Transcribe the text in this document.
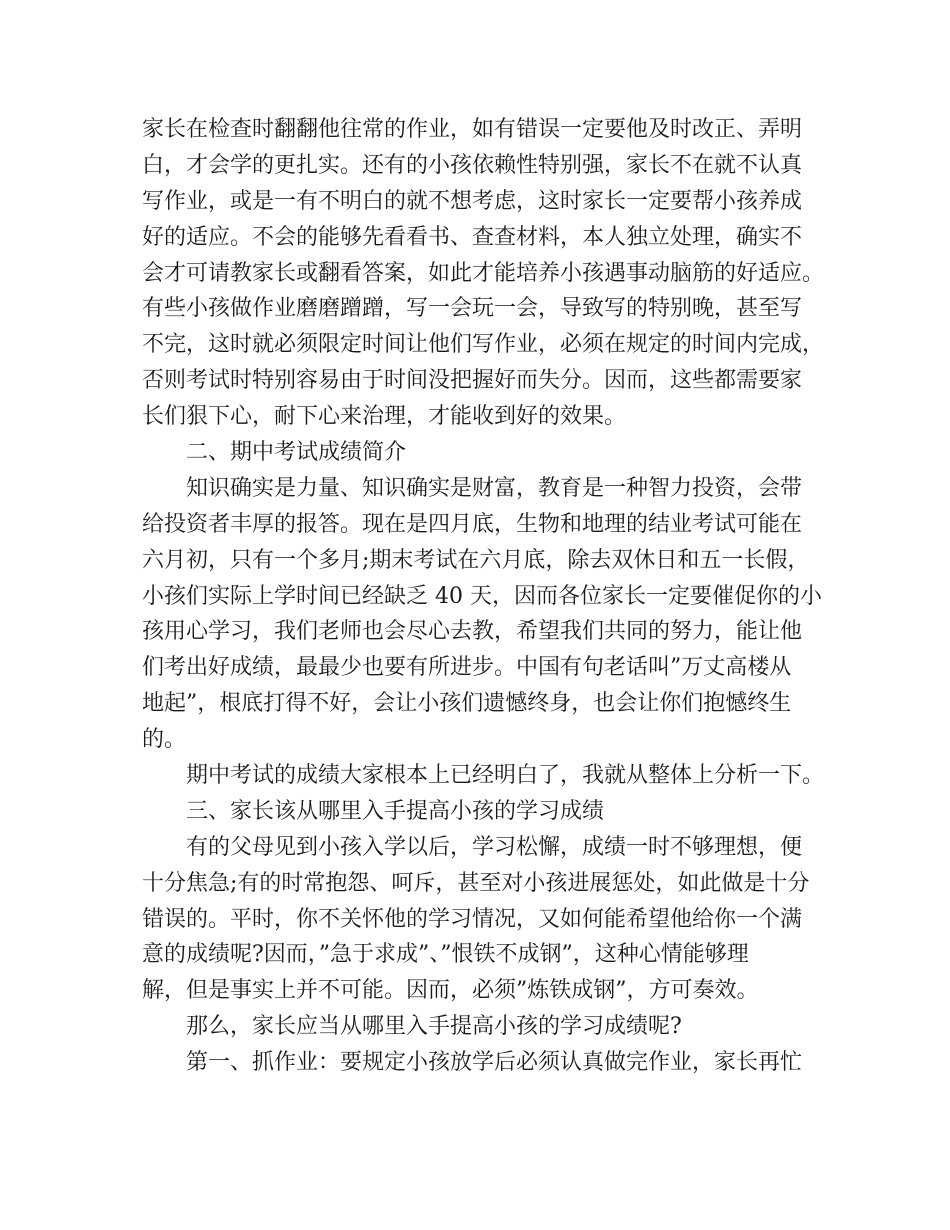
家长在检查时翻翻他往常的作业，如有错误一定要他及时改正、弄明
白，才会学的更扎实。还有的小孩依赖性特别强，家长不在就不认真
写作业，或是一有不明白的就不想考虑，这时家长一定要帮小孩养成
好的适应。不会的能够先看看书、查查材料，本人独立处理，确实不
会才可请教家长或翻看答案，如此才能培养小孩遇事动脑筋的好适应。
有些小孩做作业磨磨蹭蹭，写一会玩一会，导致写的特别晚，甚至写
不完，这时就必须限定时间让他们写作业，必须在规定的时间内完成，
否则考试时特别容易由于时间没把握好而失分。因而，这些都需要家
长们狠下心，耐下心来治理，才能收到好的效果。
二、期中考试成绩简介
知识确实是力量、知识确实是财富，教育是一种智力投资，会带
给投资者丰厚的报答。现在是四月底，生物和地理的结业考试可能在
六月初，只有一个多月;期末考试在六月底，除去双休日和五一长假，
小孩们实际上学时间已经缺乏 40 天，因而各位家长一定要催促你的小
孩用心学习，我们老师也会尽心去教，希望我们共同的努力，能让他
们考出好成绩，最最少也要有所进步。中国有句老话叫”万丈高楼从
地起”，根底打得不好，会让小孩们遗憾终身，也会让你们抱憾终生
的。
期中考试的成绩大家根本上已经明白了，我就从整体上分析一下。
三、家长该从哪里入手提高小孩的学习成绩
有的父母见到小孩入学以后，学习松懈，成绩一时不够理想，便
十分焦急;有的时常抱怨、呵斥，甚至对小孩进展惩处，如此做是十分
错误的。平时，你不关怀他的学习情况，又如何能希望他给你一个满
意的成绩呢?因而，”急于求成”、”恨铁不成钢”，这种心情能够理
解，但是事实上并不可能。因而，必须”炼铁成钢”，方可奏效。
那么，家长应当从哪里入手提高小孩的学习成绩呢?
第一、抓作业：要规定小孩放学后必须认真做完作业，家长再忙
